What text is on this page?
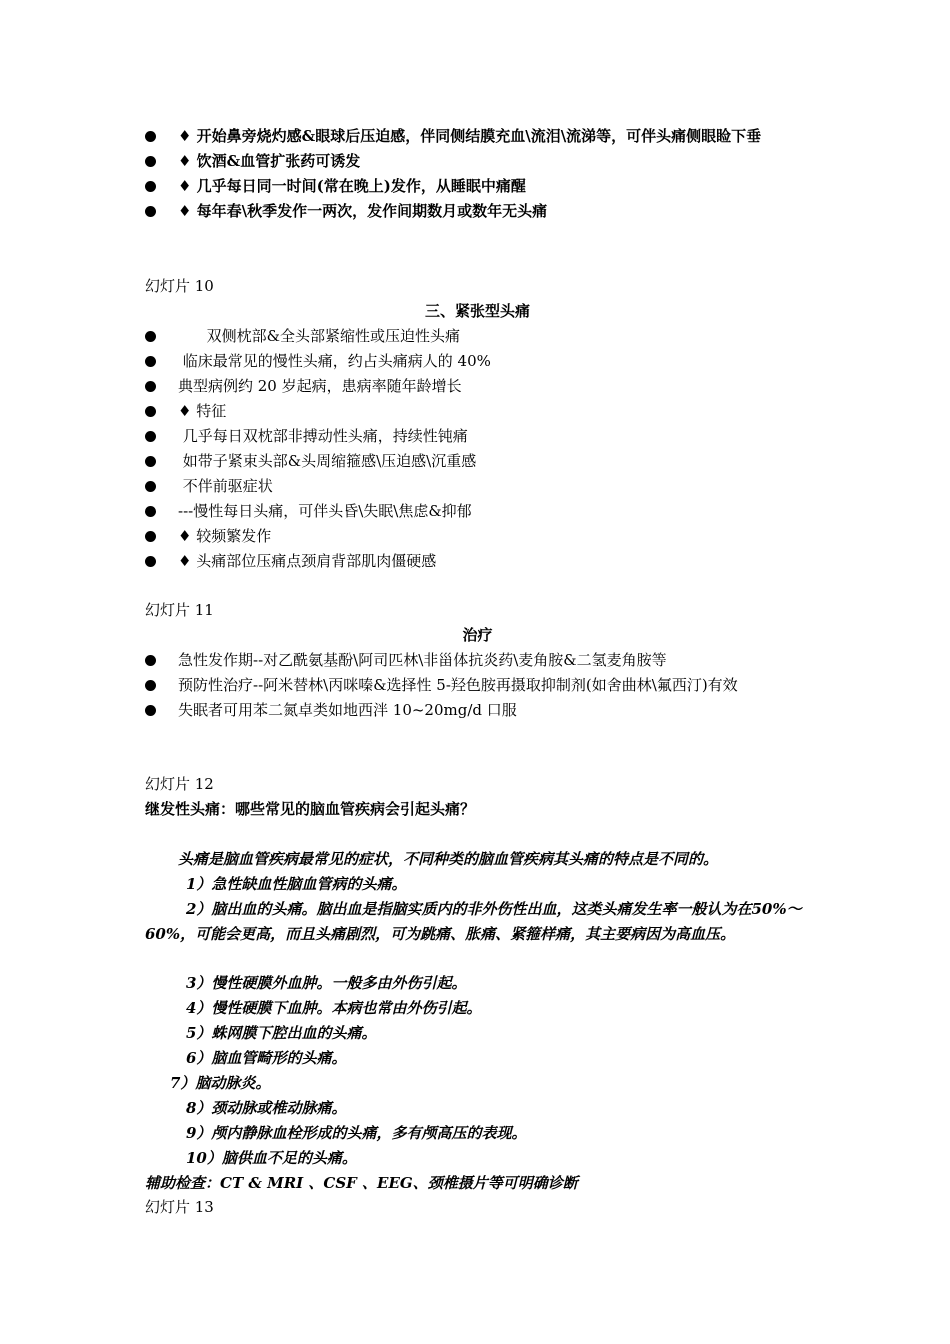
♦ 开始鼻旁烧灼感&眼球后压迫感，伴同侧结膜充血\流泪\流涕等，可伴头痛侧眼睑下垂
♦ 饮酒&血管扩张药可诱发
♦ 几乎每日同一时间(常在晚上)发作，从睡眠中痛醒
♦ 每年春\秋季发作一两次，发作间期数月或数年无头痛
幻灯片 10
三、紧张型头痛
双侧枕部&全头部紧缩性或压迫性头痛
临床最常见的慢性头痛，约占头痛病人的 40%
典型病例约 20 岁起病，患病率随年龄增长
♦ 特征
几乎每日双枕部非搏动性头痛，持续性钝痛
如带子紧束头部&头周缩箍感\压迫感\沉重感
不伴前驱症状
---慢性每日头痛，可伴头昏\失眠\焦虑&抑郁
♦ 较频繁发作
♦ 头痛部位压痛点颈肩背部肌肉僵硬感
幻灯片 11
治疗
急性发作期--对乙酰氨基酚\阿司匹林\非甾体抗炎药\麦角胺&二氢麦角胺等
预防性治疗--阿米替林\丙咪嗪&选择性 5-羟色胺再摄取抑制剂(如舍曲林\氟西汀)有效
失眠者可用苯二氮卓类如地西泮 10~20mg/d 口服
幻灯片 12
继发性头痛：哪些常见的脑血管疾病会引起头痛？
头痛是脑血管疾病最常见的症状，不同种类的脑血管疾病其头痛的特点是不同的。
1）急性缺血性脑血管病的头痛。
2）脑出血的头痛。脑出血是指脑实质内的非外伤性出血，这类头痛发生率一般认为在50%～60%，可能会更高，而且头痛剧烈，可为跳痛、胀痛、紧箍样痛，其主要病因为高血压。
3）慢性硬膜外血肿。一般多由外伤引起。
4）慢性硬膜下血肿。本病也常由外伤引起。
5）蛛网膜下腔出血的头痛。
6）脑血管畸形的头痛。
7）脑动脉炎。
8）颈动脉或椎动脉痛。
9）颅内静脉血栓形成的头痛，多有颅高压的表现。
10）脑供血不足的头痛。
辅助检查：CT & MRI 、CSF 、EEG、颈椎摄片等可明确诊断
幻灯片 13
